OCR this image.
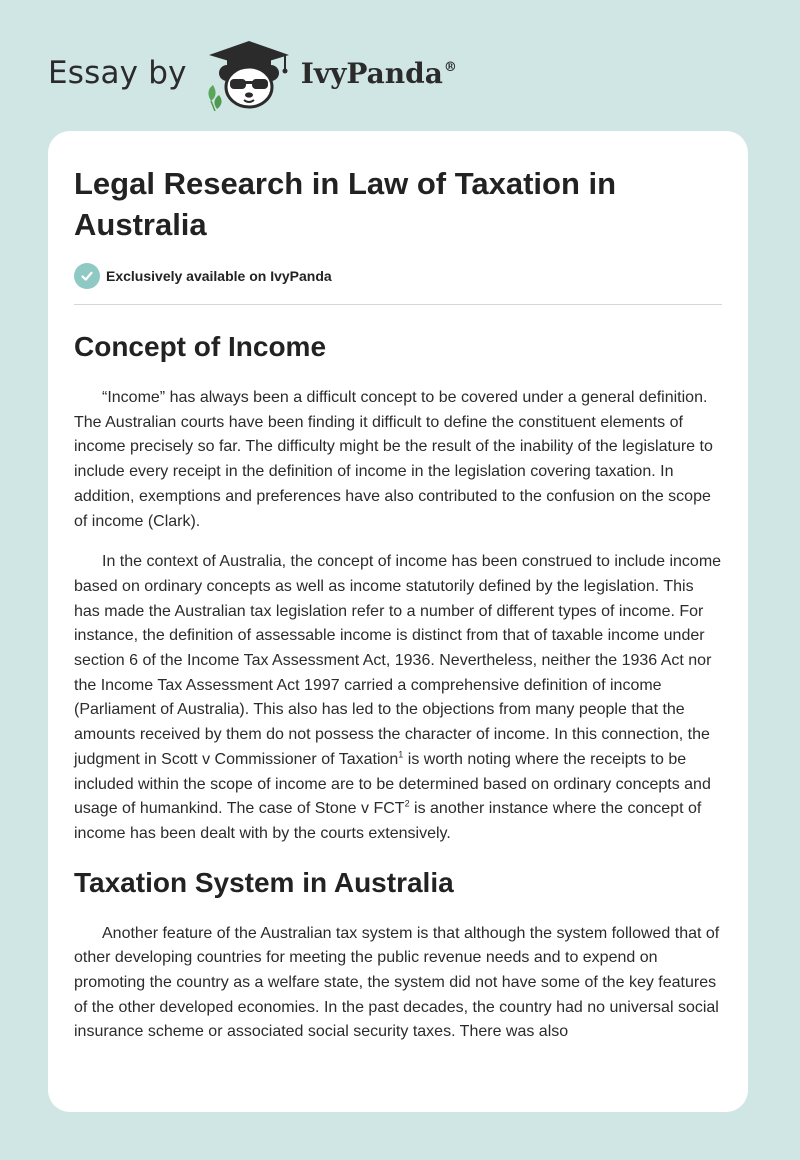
Essay by	IvyPanda®
Legal Research in Law of Taxation in Australia
Exclusively available on IvyPanda
Concept of Income

“Income” has always been a difficult concept to be covered under a general definition. The Australian courts have been finding it difficult to define the constituent elements of income precisely so far. The difficulty might be the result of the inability of the legislature to include every receipt in the definition of income in the legislation covering taxation. In addition, exemptions and preferences have also contributed to the confusion on the scope of income (Clark).

In the context of Australia, the concept of income has been construed to include income based on ordinary concepts as well as income statutorily defined by the legislation. This has made the Australian tax legislation refer to a number of different types of income. For instance, the definition of assessable income is distinct from that of taxable income under section 6 of the Income Tax Assessment Act, 1936. Nevertheless, neither the 1936 Act nor the Income Tax Assessment Act 1997 carried a comprehensive definition of income (Parliament of Australia). This also has led to the objections from many people that the amounts received by them do not possess the character of income. In this connection, the judgment in Scott v Commissioner of Taxation$^1$ is worth noting where the receipts to be included within the scope of income are to be determined based on ordinary concepts and usage of humankind. The case of Stone v FCT$^2$ is another instance where the concept of income has been dealt with by the courts extensively.

Taxation System in Australia

Another feature of the Australian tax system is that although the system followed that of other developing countries for meeting the public revenue needs and to expend on promoting the country as a welfare state, the system did not have some of the key features of the other developed economies. In the past decades, the country had no universal social insurance scheme or associated social security taxes. There was also
